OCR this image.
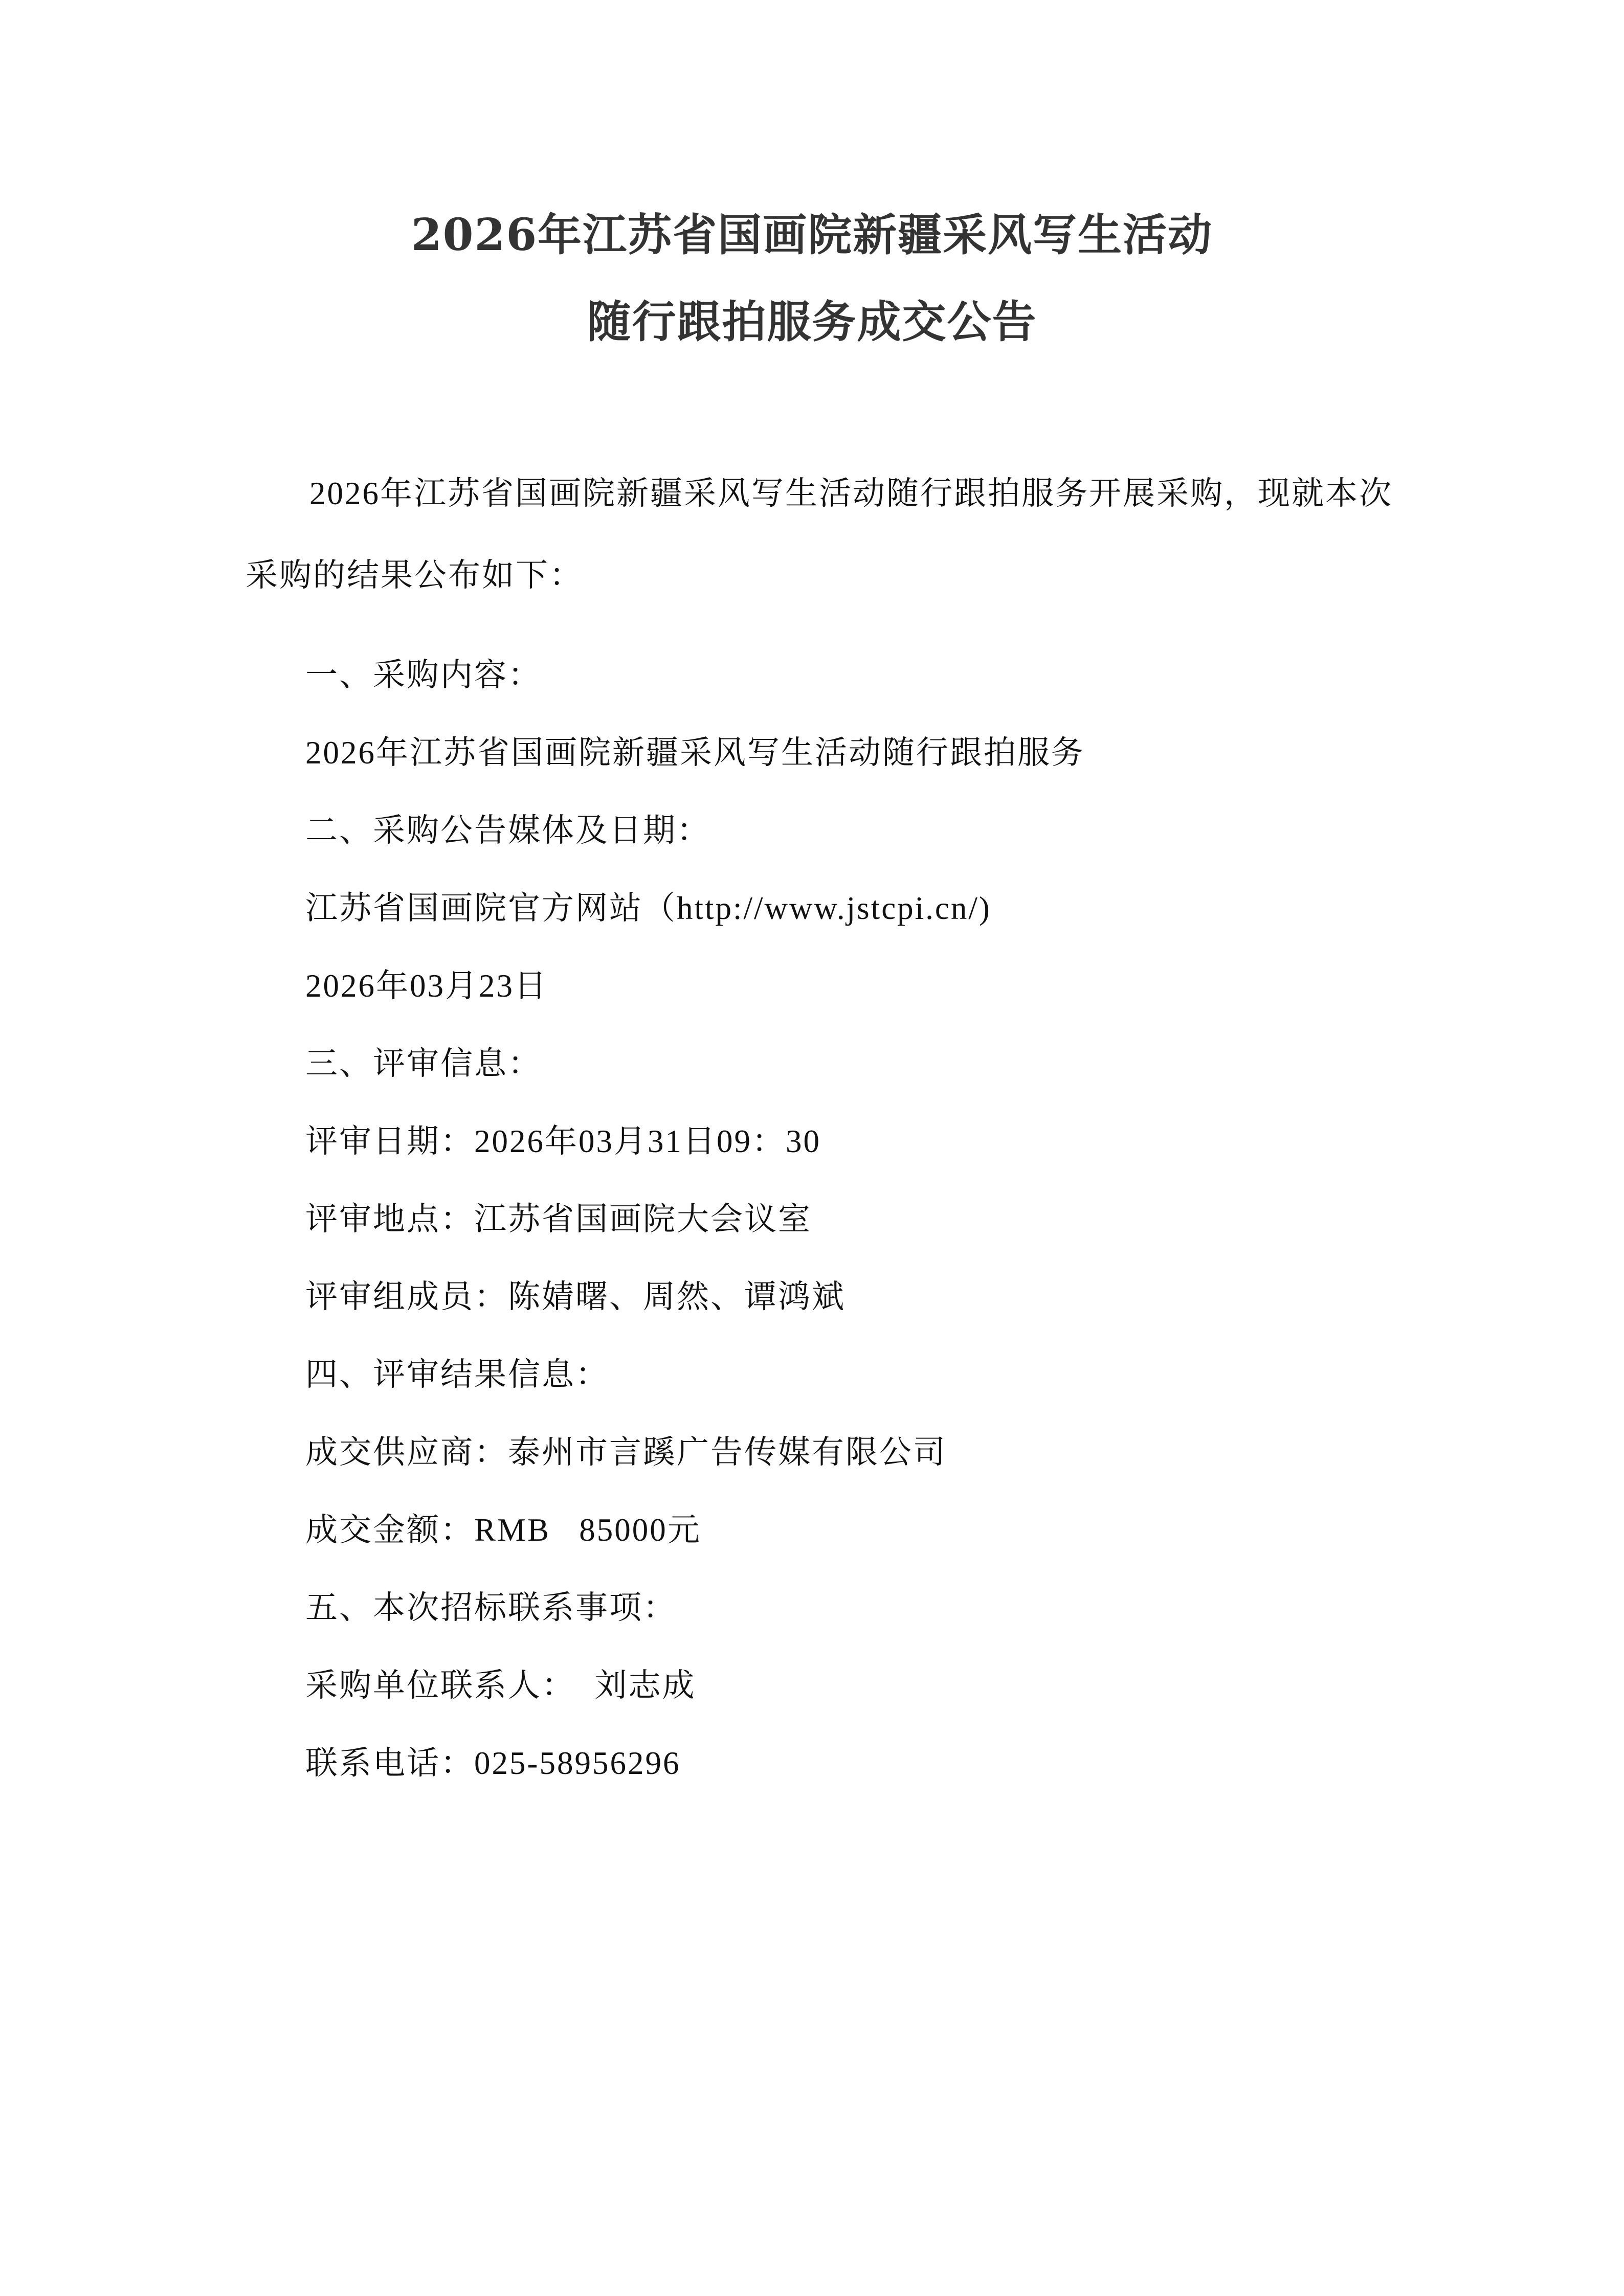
2026年江苏省国画院新疆采风写生活动
随行跟拍服务成交公告
2026年江苏省国画院新疆采风写生活动随行跟拍服务开展采购，现就本次
采购的结果公布如下：
一、采购内容：
2026年江苏省国画院新疆采风写生活动随行跟拍服务
二、采购公告媒体及日期：
江苏省国画院官方网站（http://www.jstcpi.cn/)
2026年03月23日
三、评审信息：
评审日期：2026年03月31日09：30
评审地点：江苏省国画院大会议室
评审组成员：陈婧曙、周然、谭鸿斌
四、评审结果信息：
成交供应商：泰州市言蹊广告传媒有限公司
成交金额：RMB   85000元
五、本次招标联系事项：
采购单位联系人：  刘志成
联系电话：025-58956296
